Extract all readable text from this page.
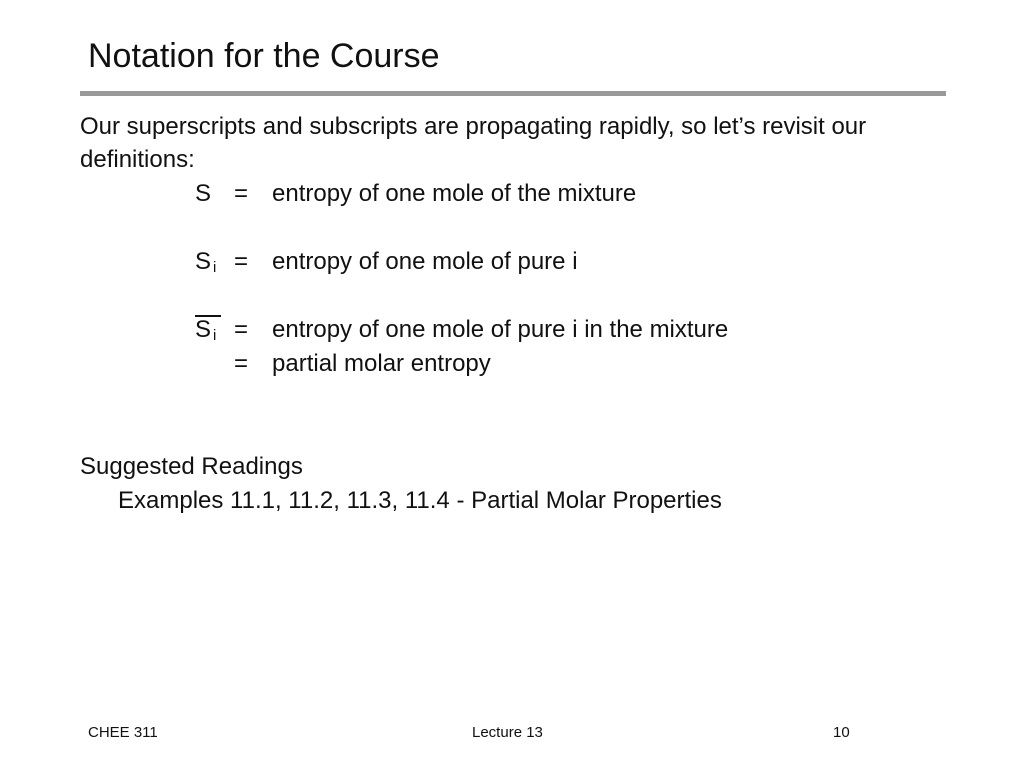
Notation for the Course
Our superscripts and subscripts are propagating rapidly, so let’s revisit our definitions:
S = entropy of one mole of the mixture
S $_i$ = entropy of one mole of pure i
S $_i$ = entropy of one mole of pure i in the mixture
= partial molar entropy
Suggested Readings
Examples 11.1, 11.2, 11.3, 11.4 - Partial Molar Properties
CHEE 311	Lecture 13	10
